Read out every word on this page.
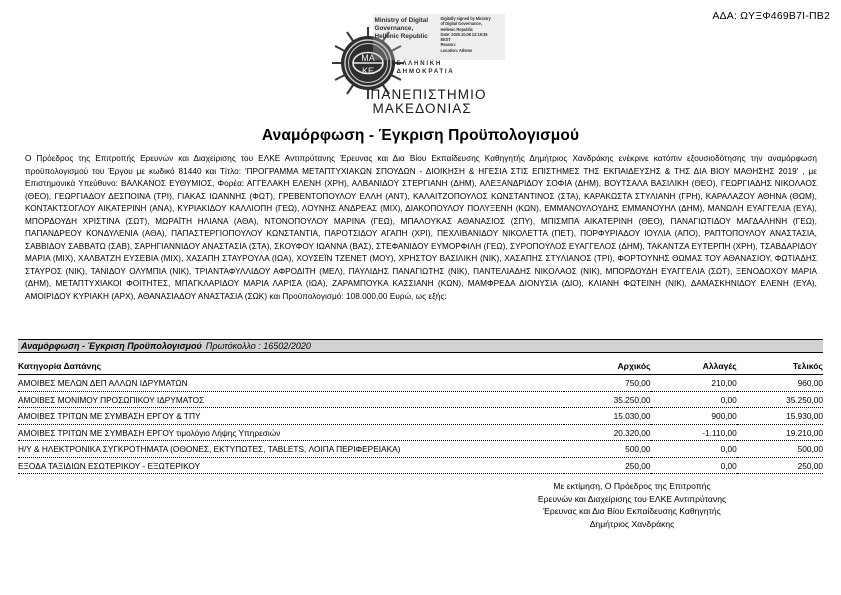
ΑΔΑ: ΩΥΞΦ469Β7Ι-ΠΒ2
ΜΑ
ΚΕ
ΕΛΛΗΝΙΚΗ
ΔΗΜΟΚΡΑΤΙΑ
Ministry of Digital
Governance,
Hellenic Republic
Digitally signed by Ministry
of Digital Governance,
Hellenic Republic
Date: 2020.10.08 12:19:35
EEST
Reason:
Location: Athens
ΠΑΝΕΠΙΣΤΗΜΙΟ
ΜΑΚΕΔΟΝΙΑΣ
Αναμόρφωση - Έγκριση Προϋπολογισμού
Ο Πρόεδρος της Επιτροπής Ερευνών και Διαχείρισης του ΕΛΚΕ Αντιπρύτανης Έρευνας και Δια Βίου Εκπαίδευσης Καθηγητής Δημήτριος Χανδράκης ενέκρινε κατόπιν εξουσιοδότησης την αναμόρφωση προϋπολογισμού του Έργου με κωδικό 81440 και Τίτλο: 'ΠΡΟΓΡΑΜΜΑ ΜΕΤΑΠΤΥΧΙΑΚΩΝ ΣΠΟΥΔΩΝ - ΔΙΟΙΚΗΣΗ & ΗΓΕΣΙΑ ΣΤΙΣ ΕΠΙΣΤΗΜΕΣ ΤΗΣ ΕΚΠΑΙΔΕΥΣΗΣ & ΤΗΣ ΔΙΑ ΒΙΟΥ ΜΑΘΗΣΗΣ 2019' , με Επιστημονικά Υπεύθυνο: ΒΑΛΚΑΝΟΣ ΕΥΘΥΜΙΟΣ, Φορέα: ΑΓΓΕΛΑΚΗ ΕΛΕΝΗ (ΧΡΗ), ΑΛΒΑΝΙΔΟΥ ΣΤΕΡΓΙΑΝΗ (ΔΗΜ), ΑΛΕΞΑΝΔΡΙΔΟΥ ΣΟΦΙΑ (ΔΗΜ), ΒΟΥΤΣΑΛΑ ΒΑΣΙΛΙΚΗ (ΘΕΟ), ΓΕΩΡΓΙΑΔΗΣ ΝΙΚΟΛΑΟΣ (ΘΕΟ), ΓΕΩΡΓΙΑΔΟΥ ΔΕΣΠΟΙΝΑ (ΤΡΙ), ΓΙΑΚΑΣ ΙΩΑΝΝΗΣ (ΦΩΤ), ΓΡΕΒΕΝΤΟΠΟΥΛΟΥ ΕΛΛΗ (ΑΝΤ), ΚΑΛΑΙΤΖΟΠΟΥΛΟΣ ΚΩΝΣΤΑΝΤΙΝΟΣ (ΣΤΑ), ΚΑΡΑΚΩΣΤΑ ΣΤΥΛΙΑΝΗ (ΓΡΗ), ΚΑΡΑΛΑΖΟΥ ΑΘΗΝΑ (ΘΩΜ), ΚΟΝΤΑΚΤΣΟΓΛΟΥ ΑΙΚΑΤΕΡΙΝΗ (ΑΝΑ), ΚΥΡΙΑΚΙΔΟΥ ΚΑΛΛΙΟΠΗ (ΓΕΩ), ΛΟΥΝΗΣ ΑΝΔΡΕΑΣ (ΜΙΧ), ΔΙΑΚΟΠΟΥΛΟΥ ΠΟΛΥΞΕΝΗ (ΚΩΝ), ΕΜΜΑΝΟΥΛΟΥΔΗΣ ΕΜΜΑΝΟΥΗΛ (ΔΗΜ), ΜΑΝΩΛΗ ΕΥΑΓΓΕΛΙΑ (ΕΥΑ), ΜΠΟΡΔΟΥΔΗ ΧΡΙΣΤΙΝΑ (ΣΩΤ), ΜΩΡΑΪΤΗ ΗΛΙΑΝΑ (ΑΘΑ), ΝΤΟΝΟΠΟΥΛΟΥ ΜΑΡΙΝΑ (ΓΕΩ), ΜΠΑΛΟΥΚΑΣ ΑΘΑΝΑΣΙΟΣ (ΣΠΥ), ΜΠΙΣΜΠΑ ΑΙΚΑΤΕΡΙΝΗ (ΘΕΟ), ΠΑΝΑΓΙΩΤΙΔΟΥ ΜΑΓΔΑΛΗΝΗ (ΓΕΩ), ΠΑΠΑΝΔΡΕΟΥ ΚΟΝΔΥΛΕΝΙΑ (ΑΘΑ), ΠΑΠΑΣΤΕΡΓΙΟΠΟΥΛΟΥ ΚΩΝΣΤΑΝΤΙΑ, ΠΑΡΟΤΣΙΔΟΥ ΑΓΑΠΗ (ΧΡΙ), ΠΕΧΛΙΒΑΝΙΔΟΥ ΝΙΚΟΛΕΤΤΑ (ΠΕΤ), ΠΟΡΦΥΡΙΑΔΟΥ ΙΟΥΛΙΑ (ΑΠΟ), ΡΑΠΤΟΠΟΥΛΟΥ ΑΝΑΣΤΑΣΙΑ, ΣΑΒΒΙΔΟΥ ΣΑΒΒΑΤΩ (ΣΑΒ), ΣΑΡΗΓΙΑΝΝΙΔΟΥ ΑΝΑΣΤΑΣΙΑ (ΣΤΑ), ΣΚΟΥΦΟΥ ΙΩΑΝΝΑ (ΒΑΣ), ΣΤΕΦΑΝΙΔΟΥ ΕΥΜΟΡΦΙΛΗ (ΓΕΩ), ΣΥΡΟΠΟΥΛΟΣ ΕΥΑΓΓΕΛΟΣ (ΔΗΜ), ΤΑΚΑΝΤΖΑ ΕΥΤΕΡΠΗ (ΧΡΗ), ΤΣΑΒΔΑΡΙΔΟΥ ΜΑΡΙΑ (ΜΙΧ), ΧΑΛΒΑΤΖΗ ΕΥΣΕΒΙΑ (ΜΙΧ), ΧΑΣΑΠΗ ΣΤΑΥΡΟΥΛΑ (ΙΩΑ), ΧΟΥΣΕΪΝ ΤΖΕΝΕΤ (ΜΟΥ), ΧΡΗΣΤΟΥ ΒΑΣΙΛΙΚΗ (ΝΙΚ), ΧΑΣΑΠΗΣ ΣΤΥΛΙΑΝΟΣ (ΤΡΙ), ΦΟΡΤΟΥΝΗΣ ΘΩΜΑΣ ΤΟΥ ΑΘΑΝΑΣΙΟΥ, ΦΩΤΙΑΔΗΣ ΣΤΑΥΡΟΣ (ΝΙΚ), ΤΑΝΙΔΟΥ ΟΛΥΜΠΙΑ (ΝΙΚ), ΤΡΙΑΝΤΑΦΥΛΛΙΔΟΥ ΑΦΡΟΔΙΤΗ (ΜΕΛ), ΠΑΥΛΙΔΗΣ ΠΑΝΑΓΙΩΤΗΣ (ΝΙΚ), ΠΑΝΤΕΛΙΑΔΗΣ ΝΙΚΟΛΑΟΣ (ΝΙΚ), ΜΠΟΡΔΟΥΔΗ ΕΥΑΓΓΕΛΙΑ (ΣΩΤ), ΞΕΝΟΔΟΧΟΥ ΜΑΡΙΑ (ΔΗΜ), ΜΕΤΑΠΤΥΧΙΑΚΟΙ ΦΟΙΤΗΤΕΣ, ΜΠΑΓΚΛΑΡΙΔΟΥ ΜΑΡΙΑ ΛΑΡΙΣΑ (ΙΩΑ), ΖΑΡΑΜΠΟΥΚΑ ΚΑΣΣΙΑΝΗ (ΚΩΝ), ΜΑΜΦΡΕΔΑ ΔΙΟΝΥΣΙΑ (ΔΙΟ), ΚΛΙΑΝΗ ΦΩΤΕΙΝΗ (ΝΙΚ), ΔΑΜΑΣΚΗΝΙΔΟΥ ΕΛΕΝΗ (ΕΥΑ), ΑΜΟΙΡΙΔΟΥ ΚΥΡΙΑΚΗ (ΑΡΧ), ΑΘΑΝΑΣΙΑΔΟΥ ΑΝΑΣΤΑΣΙΑ (ΣΩΚ) και Προϋπολογισμό: 108.000,00 Ευρώ, ως εξής:
Αναμόρφωση - Έγκριση Προϋπολογισμού Πρωτόκολλο : 16502/2020
Κατηγορία Δαπάνης	Αρχικός	Αλλαγές	Τελικός
ΑΜΟΙΒΕΣ ΜΕΛΩΝ ΔΕΠ ΑΛΛΩΝ ΙΔΡΥΜΑΤΩΝ	750,00	210,00	960,00
ΑΜΟΙΒΕΣ ΜΟΝΙΜΟΥ ΠΡΟΣΩΠΙΚΟΥ ΙΔΡΥΜΑΤΟΣ	35.250,00	0,00	35.250,00
ΑΜΟΙΒΕΣ ΤΡΙΤΩΝ ΜΕ ΣΥΜΒΑΣΗ ΕΡΓΟΥ & ΤΠΥ	15.030,00	900,00	15.930,00
ΑΜΟΙΒΕΣ ΤΡΙΤΩΝ ΜΕ ΣΥΜΒΑΣΗ ΕΡΓΟΥ τιμολόγιο Λήψης Υπηρεσιών	20.320,00	-1.110,00	19.210,00
Η/Υ & ΗΛΕΚΤΡΟΝΙΚΑ ΣΥΓΚΡΟΤΗΜΑΤΑ (ΟΘΟΝΕΣ, ΕΚΤΥΠΩΤΕΣ, TABLETS, ΛΟΙΠΑ ΠΕΡΙΦΕΡΕΙΑΚΑ)	500,00	0,00	500,00
ΕΞΟΔΑ ΤΑΞΙΔΙΩΝ ΕΣΩΤΕΡΙΚΟΥ - ΕΞΩΤΕΡΙΚΟΥ	250,00	0,00	250,00
Με εκτίμηση, Ο Πρόεδρος της Επιτροπής
Ερευνών και Διαχείρισης του ΕΛΚΕ Αντιπρύτανης
Έρευνας και Δια Βίου Εκπαίδευσης Καθηγητής
Δημήτριος Χανδράκης
